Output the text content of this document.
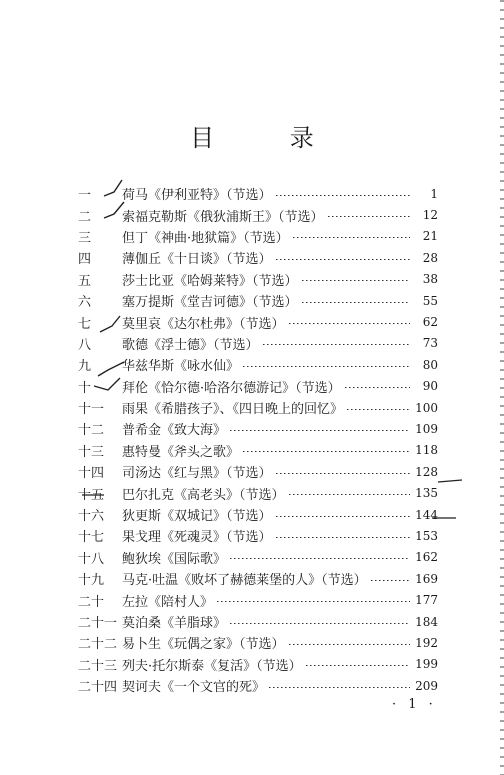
目 录
一	荷马《伊利亚特》（节选）	1
二	索福克勒斯《俄狄浦斯王》（节选）	12
三	但丁《神曲·地狱篇》（节选）	21
四	薄伽丘《十日谈》（节选）	28
五	莎士比亚《哈姆莱特》（节选）	38
六	塞万提斯《堂吉诃德》（节选）	55
七	莫里哀《达尔杜弗》（节选）	62
八	歌德《浮士德》（节选）	73
九	华兹华斯《咏水仙》	80
十	拜伦《恰尔德·哈洛尔德游记》（节选）	90
十一	雨果《希腊孩子》、《四日晚上的回忆》	100
十二	普希金《致大海》	109
十三	惠特曼《斧头之歌》	118
十四	司汤达《红与黑》（节选）	128
十五	巴尔扎克《高老头》（节选）	135
十六	狄更斯《双城记》（节选）	144
十七	果戈理《死魂灵》（节选）	153
十八	鲍狄埃《国际歌》	162
十九	马克·吐温《败坏了赫德莱堡的人》（节选）	169
二十	左拉《陪村人》	177
二十一 莫泊桑《羊脂球》	184
二十二 易卜生《玩偶之家》（节选）	192
二十三 列夫·托尔斯泰《复活》（节选）	199
二十四 契诃夫《一个文官的死》	209
· 1 ·
